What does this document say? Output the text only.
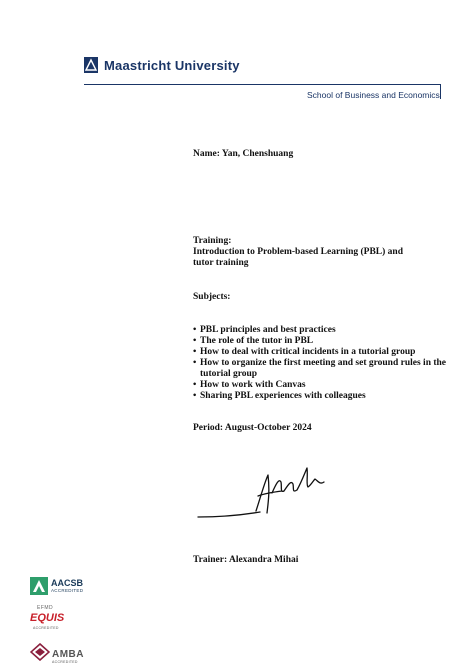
Maastricht University
School of Business and Economics
Name: Yan, Chenshuang
Training:
Introduction to Problem-based Learning (PBL) and tutor training
Subjects:
• PBL principles and best practices
• The role of the tutor in PBL
• How to deal with critical incidents in a tutorial group
• How to organize the first meeting and set ground rules in the tutorial group
• How to work with Canvas
• Sharing PBL experiences with colleagues
Period: August-October 2024
Trainer: Alexandra Mihai
AACSB
ACCREDITED
EFMD
EQUIS
ACCREDITED
AMBA
ACCREDITED
